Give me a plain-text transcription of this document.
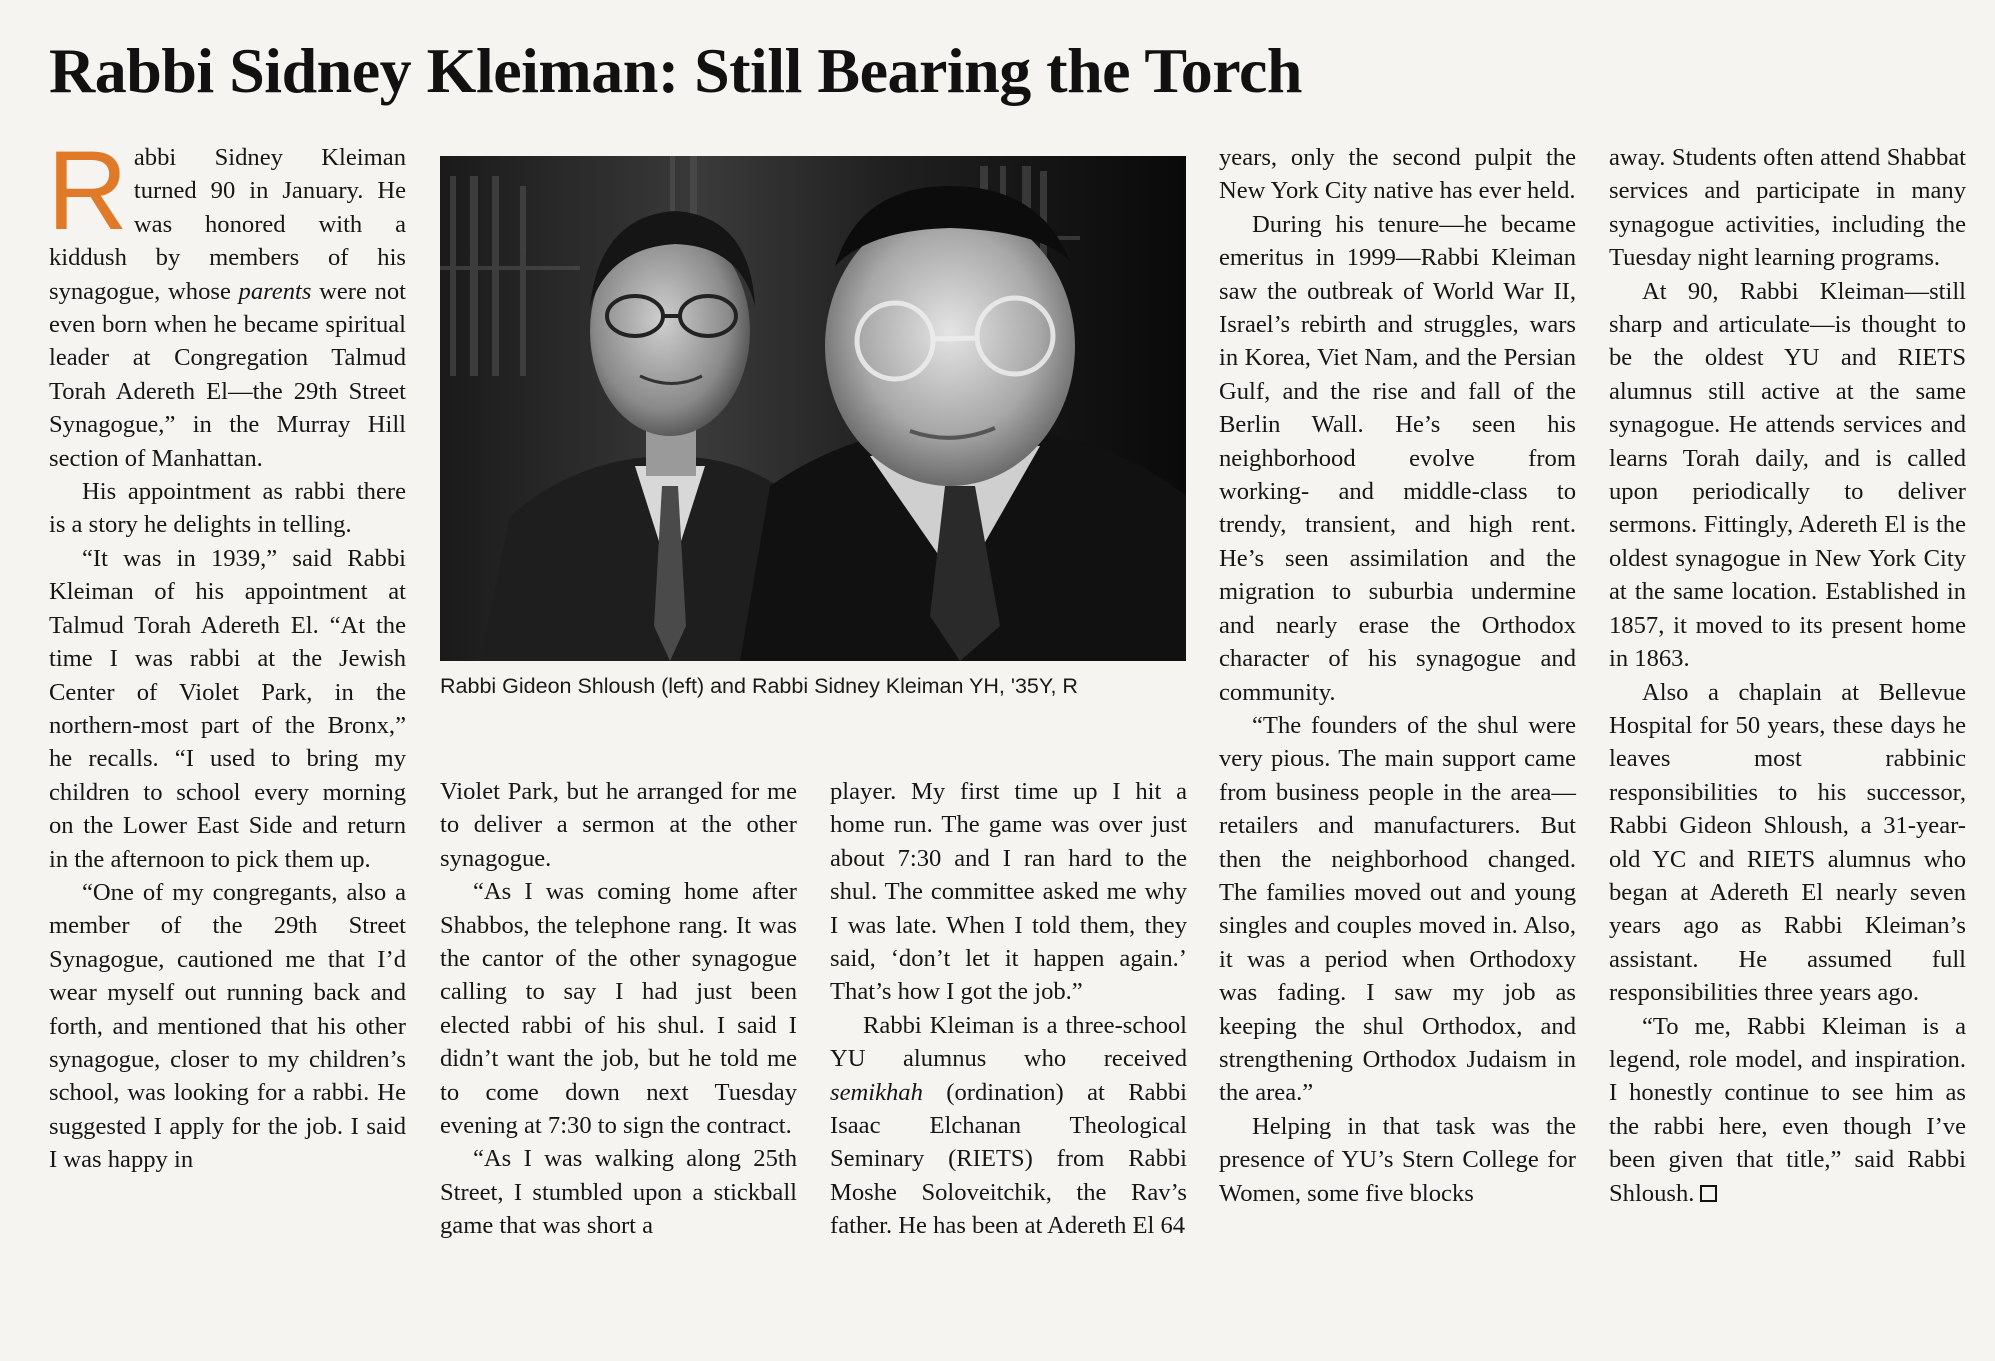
Rabbi Sidney Kleiman: Still Bearing the Torch

Rabbi Sidney Kleiman turned 90 in January. He was honored with a kiddush by members of his synagogue, whose parents were not even born when he became spiritual leader at Congregation Talmud Torah Adereth El—the 29th Street Synagogue,” in the Murray Hill section of Manhattan.

His appointment as rabbi there is a story he delights in telling.

“It was in 1939,” said Rabbi Kleiman of his appointment at Talmud Torah Adereth El. “At the time I was rabbi at the Jewish Center of Violet Park, in the northern-most part of the Bronx,” he recalls. “I used to bring my children to school every morning on the Lower East Side and return in the afternoon to pick them up.

“One of my congregants, also a member of the 29th Street Synagogue, cautioned me that I’d wear myself out running back and forth, and mentioned that his other synagogue, closer to my children’s school, was looking for a rabbi. He suggested I apply for the job. I said I was happy in

Rabbi Gideon Shloush (left) and Rabbi Sidney Kleiman YH, '35Y, R

Violet Park, but he arranged for me to deliver a sermon at the other synagogue.

“As I was coming home after Shabbos, the telephone rang. It was the cantor of the other synagogue calling to say I had just been elected rabbi of his shul. I said I didn’t want the job, but he told me to come down next Tuesday evening at 7:30 to sign the contract.

“As I was walking along 25th Street, I stumbled upon a stickball game that was short a

player. My first time up I hit a home run. The game was over just about 7:30 and I ran hard to the shul. The committee asked me why I was late. When I told them, they said, ‘don’t let it happen again.’ That’s how I got the job.”

Rabbi Kleiman is a three-school YU alumnus who received semikhah (ordination) at Rabbi Isaac Elchanan Theological Seminary (RIETS) from Rabbi Moshe Soloveitchik, the Rav’s father. He has been at Adereth El 64

years, only the second pulpit the New York City native has ever held.

During his tenure—he became emeritus in 1999—Rabbi Kleiman saw the outbreak of World War II, Israel’s rebirth and struggles, wars in Korea, Viet Nam, and the Persian Gulf, and the rise and fall of the Berlin Wall. He’s seen his neighborhood evolve from working- and middle-class to trendy, transient, and high rent. He’s seen assimilation and the migration to suburbia undermine and nearly erase the Orthodox character of his synagogue and community.

“The founders of the shul were very pious. The main support came from business people in the area—retailers and manufacturers. But then the neighborhood changed. The families moved out and young singles and couples moved in. Also, it was a period when Orthodoxy was fading. I saw my job as keeping the shul Orthodox, and strengthening Orthodox Judaism in the area.”

Helping in that task was the presence of YU’s Stern College for Women, some five blocks

away. Students often attend Shabbat services and participate in many synagogue activities, including the Tuesday night learning programs.

At 90, Rabbi Kleiman—still sharp and articulate—is thought to be the oldest YU and RIETS alumnus still active at the same synagogue. He attends services and learns Torah daily, and is called upon periodically to deliver sermons. Fittingly, Adereth El is the oldest synagogue in New York City at the same location. Established in 1857, it moved to its present home in 1863.

Also a chaplain at Bellevue Hospital for 50 years, these days he leaves most rabbinic responsibilities to his successor, Rabbi Gideon Shloush, a 31-year-old YC and RIETS alumnus who began at Adereth El nearly seven years ago as Rabbi Kleiman’s assistant. He assumed full responsibilities three years ago.

“To me, Rabbi Kleiman is a legend, role model, and inspiration. I honestly continue to see him as the rabbi here, even though I’ve been given that title,” said Rabbi Shloush.
